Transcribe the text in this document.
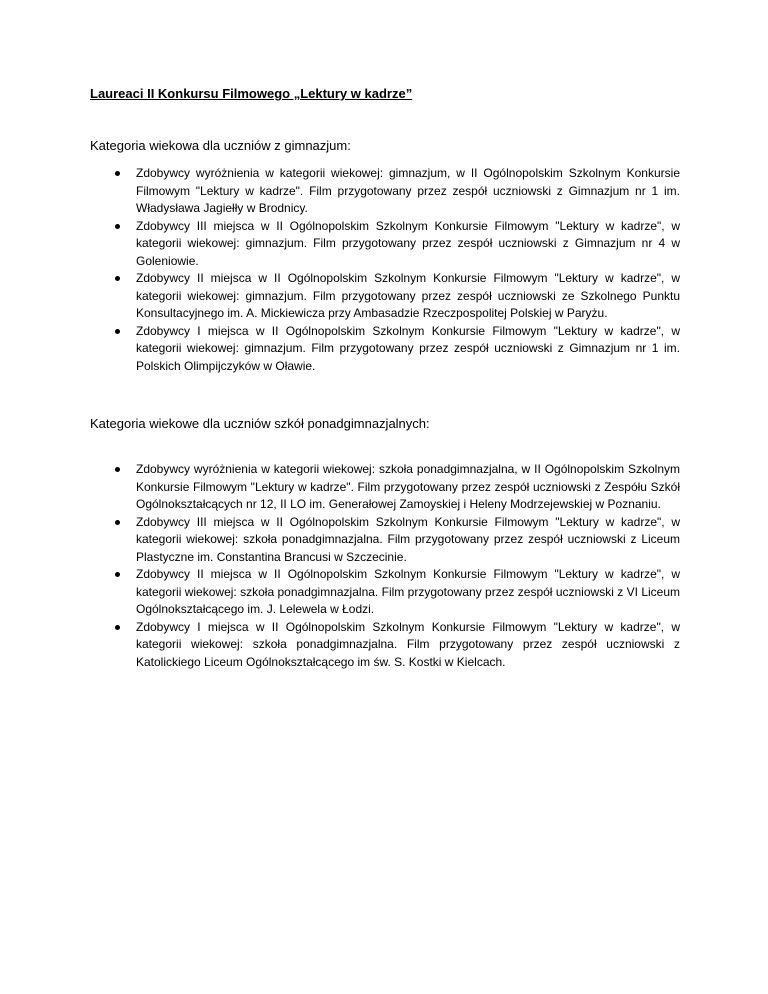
Laureaci II Konkursu Filmowego „Lektury w kadrze”

Kategoria wiekowa dla uczniów z gimnazjum:

Zdobywcy wyróżnienia w kategorii wiekowej: gimnazjum, w II Ogólnopolskim Szkolnym Konkursie Filmowym "Lektury w kadrze". Film przygotowany przez zespół uczniowski z Gimnazjum nr 1 im. Władysława Jagiełły w Brodnicy.
Zdobywcy III miejsca w II Ogólnopolskim Szkolnym Konkursie Filmowym "Lektury w kadrze", w kategorii wiekowej: gimnazjum. Film przygotowany przez zespół uczniowski z Gimnazjum nr 4 w Goleniowie.
Zdobywcy II miejsca w II Ogólnopolskim Szkolnym Konkursie Filmowym "Lektury w kadrze", w kategorii wiekowej: gimnazjum. Film przygotowany przez zespół uczniowski ze Szkolnego Punktu Konsultacyjnego im. A. Mickiewicza przy Ambasadzie Rzeczpospolitej Polskiej w Paryżu.
Zdobywcy I miejsca w II Ogólnopolskim Szkolnym Konkursie Filmowym "Lektury w kadrze", w kategorii wiekowej: gimnazjum. Film przygotowany przez zespół uczniowski z Gimnazjum nr 1 im. Polskich Olimpijczyków w Oławie.

Kategoria wiekowe dla uczniów szkół ponadgimnazjalnych:

Zdobywcy wyróżnienia w kategorii wiekowej: szkoła ponadgimnazjalna, w II Ogólnopolskim Szkolnym Konkursie Filmowym "Lektury w kadrze". Film przygotowany przez zespół uczniowski z Zespółu Szkół Ogólnokształcących nr 12, II LO im. Generałowej Zamoyskiej i Heleny Modrzejewskiej w Poznaniu.
Zdobywcy III miejsca w II Ogólnopolskim Szkolnym Konkursie Filmowym "Lektury w kadrze", w kategorii wiekowej: szkoła ponadgimnazjalna. Film przygotowany przez zespół uczniowski z Liceum Plastyczne im. Constantina Brancusi w Szczecinie.
Zdobywcy II miejsca w II Ogólnopolskim Szkolnym Konkursie Filmowym "Lektury w kadrze", w kategorii wiekowej: szkoła ponadgimnazjalna. Film przygotowany przez zespół uczniowski z VI Liceum Ogólnokształcącego im. J. Lelewela w Łodzi.
Zdobywcy I miejsca w II Ogólnopolskim Szkolnym Konkursie Filmowym "Lektury w kadrze", w kategorii wiekowej: szkoła ponadgimnazjalna. Film przygotowany przez zespół uczniowski z Katolickiego Liceum Ogólnokształcącego im św. S. Kostki w Kielcach.
